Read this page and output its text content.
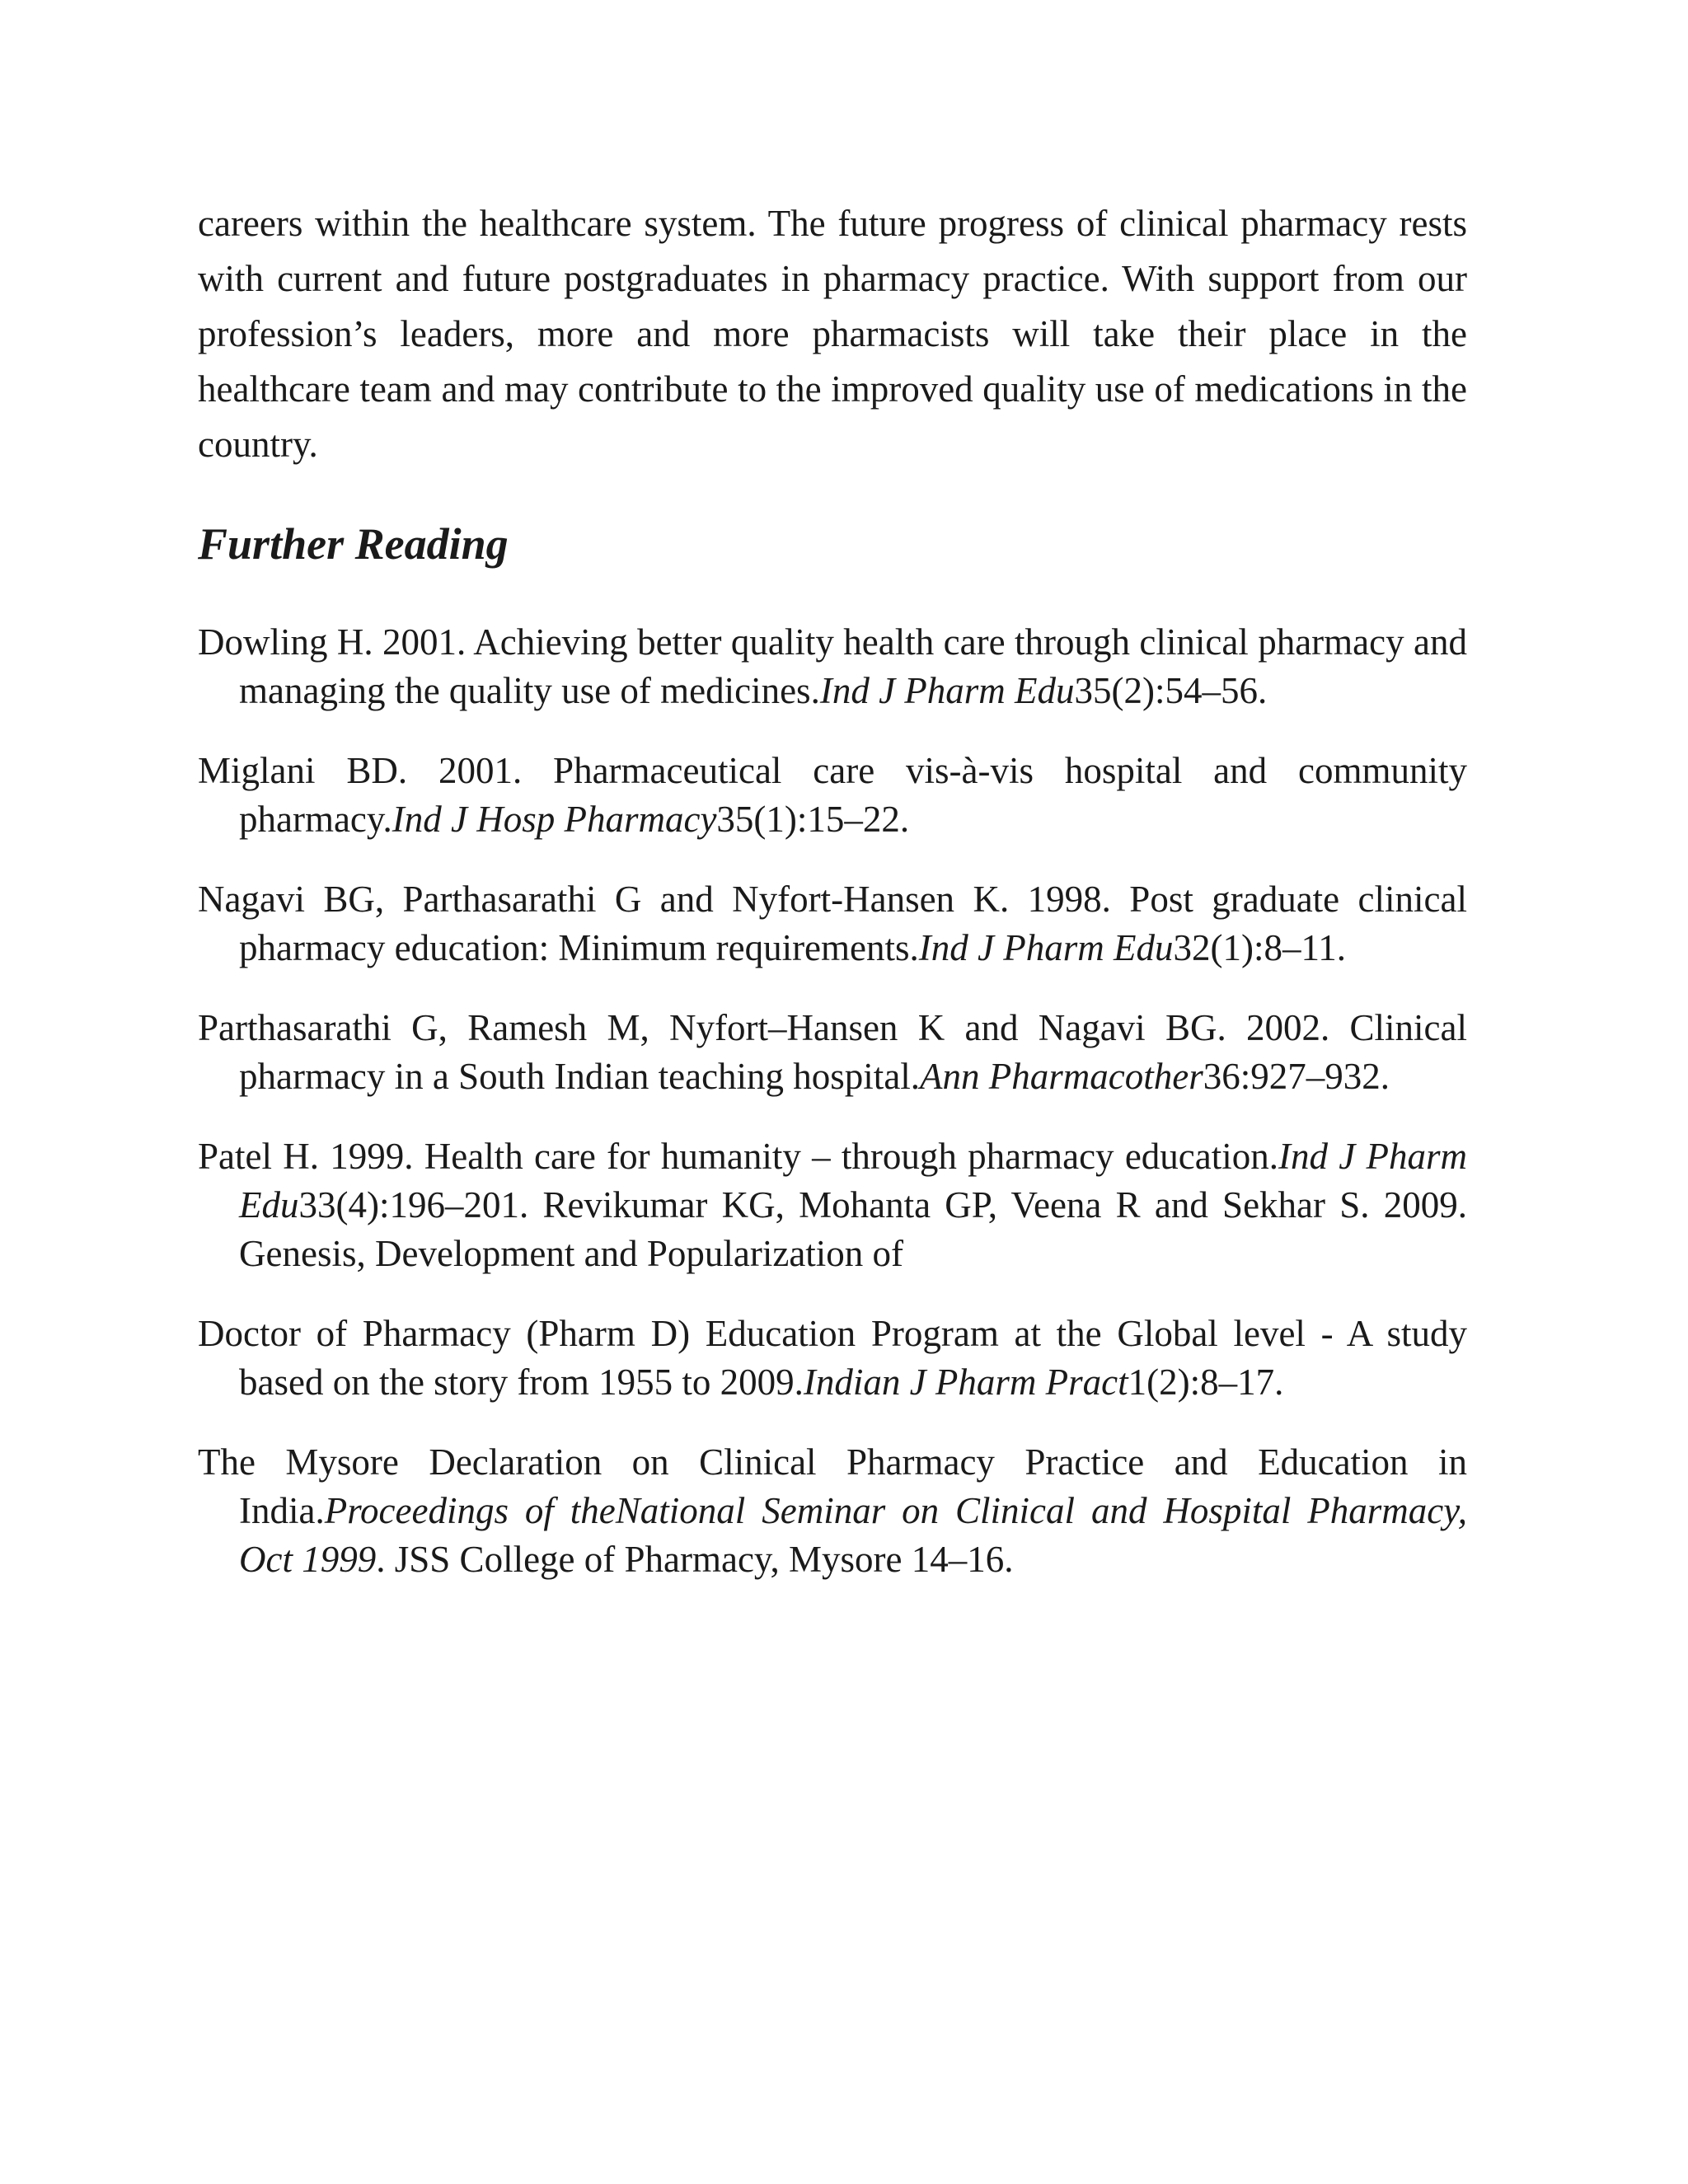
careers within the healthcare system. The future progress of clinical pharmacy rests with current and future postgraduates in pharmacy practice. With support from our profession’s leaders, more and more pharmacists will take their place in the healthcare team and may contribute to the improved quality use of medications in the country.

Further Reading
Dowling H. 2001. Achieving better quality health care through clinical pharmacy and managing the quality use of medicines.Ind J Pharm Edu35(2):54–56.
Miglani BD. 2001. Pharmaceutical care vis-à-vis hospital and community pharmacy.Ind J Hosp Pharmacy35(1):15–22.
Nagavi BG, Parthasarathi G and Nyfort-Hansen K. 1998. Post graduate clinical pharmacy education: Minimum requirements.Ind J Pharm Edu32(1):8–11.
Parthasarathi G, Ramesh M, Nyfort–Hansen K and Nagavi BG. 2002. Clinical pharmacy in a South Indian teaching hospital.Ann Pharmacother36:927–932.
Patel H. 1999. Health care for humanity – through pharmacy education.Ind J Pharm Edu33(4):196–201. Revikumar KG, Mohanta GP, Veena R and Sekhar S. 2009. Genesis, Development and Popularization of
Doctor of Pharmacy (Pharm D) Education Program at the Global level - A study based on the story from 1955 to 2009.Indian J Pharm Pract1(2):8–17.
The Mysore Declaration on Clinical Pharmacy Practice and Education in India.Proceedings of theNational Seminar on Clinical and Hospital Pharmacy, Oct 1999. JSS College of Pharmacy, Mysore 14–16.
